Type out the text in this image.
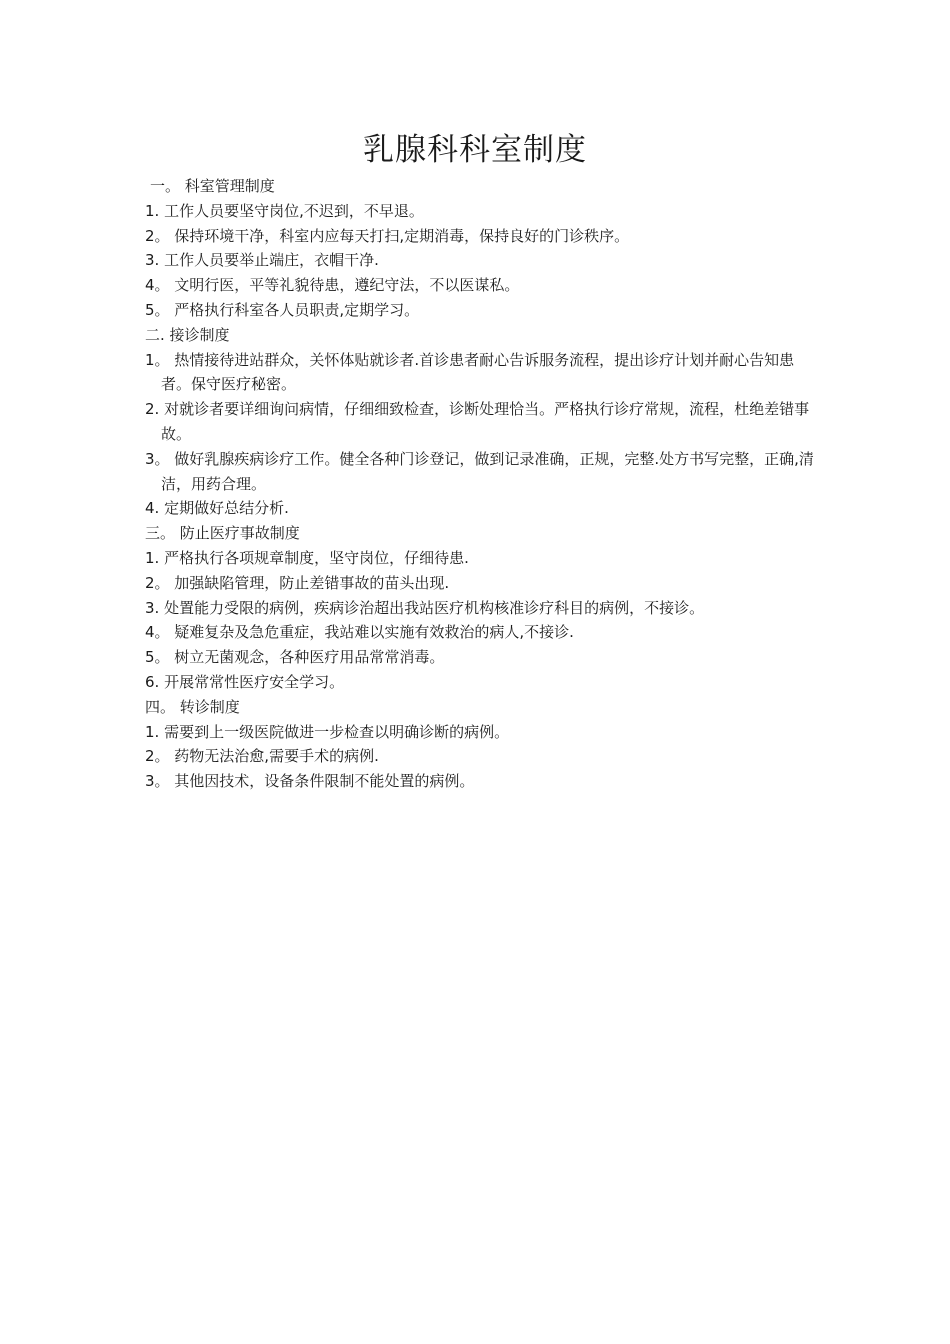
乳腺科科室制度

一。 科室管理制度

1. 工作人员要坚守岗位,不迟到，不早退。

2。 保持环境干净，科室内应每天打扫,定期消毒，保持良好的门诊秩序。

3. 工作人员要举止端庄，衣帽干净.

4。 文明行医，平等礼貌待患，遵纪守法，不以医谋私。

5。 严格执行科室各人员职责,定期学习。

二. 接诊制度

1。 热情接待进站群众，关怀体贴就诊者.首诊患者耐心告诉服务流程，提出诊疗计划并耐心告知患者。保守医疗秘密。

2. 对就诊者要详细询问病情，仔细细致检查，诊断处理恰当。严格执行诊疗常规，流程，杜绝差错事故。

3。 做好乳腺疾病诊疗工作。健全各种门诊登记，做到记录准确，正规，完整.处方书写完整，正确,清洁，用药合理。

4. 定期做好总结分析.

三。 防止医疗事故制度

1. 严格执行各项规章制度，坚守岗位，仔细待患.

2。 加强缺陷管理，防止差错事故的苗头出现.

3. 处置能力受限的病例，疾病诊治超出我站医疗机构核准诊疗科目的病例，不接诊。

4。 疑难复杂及急危重症，我站难以实施有效救治的病人,不接诊.

5。 树立无菌观念，各种医疗用品常常消毒。

6. 开展常常性医疗安全学习。

四。 转诊制度

1. 需要到上一级医院做进一步检查以明确诊断的病例。

2。 药物无法治愈,需要手术的病例.

3。 其他因技术，设备条件限制不能处置的病例。
